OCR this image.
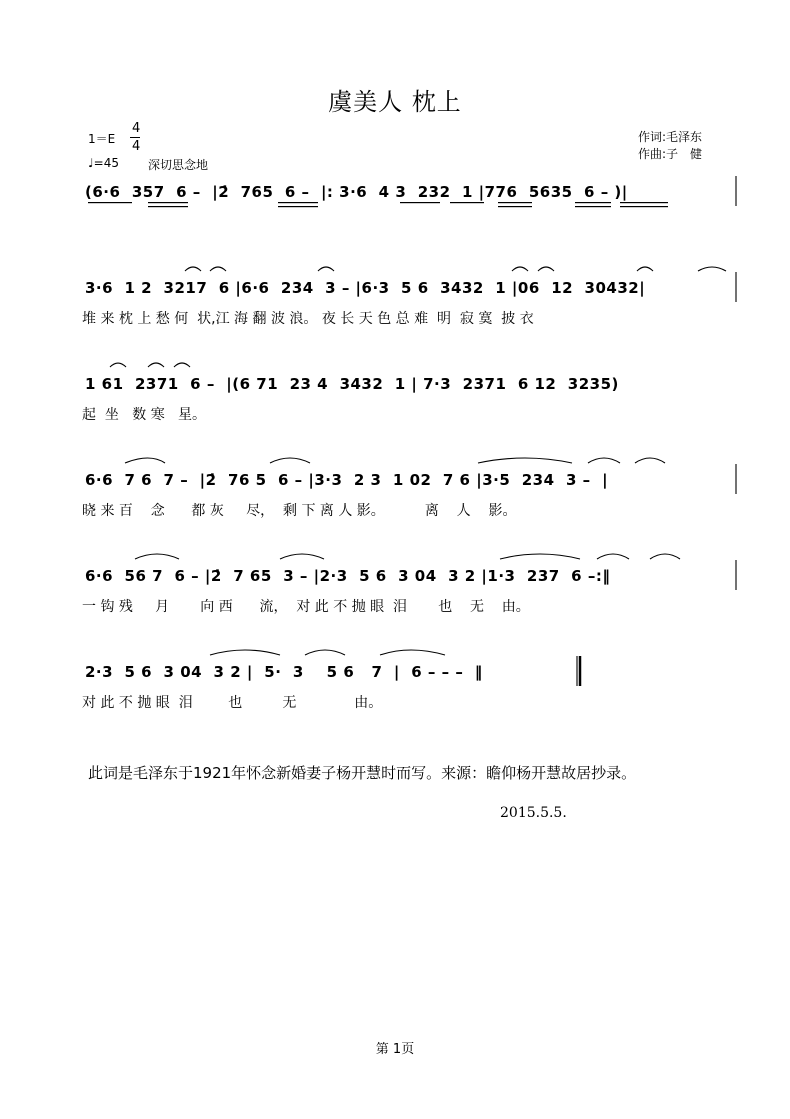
虞美人 枕上
1＝E
4
4
♩=45 深切思念地
作词:毛泽东
作曲:子　健
(6·6  357  6 –  |2̇  765  6 –  |: 3·6  4 3  232  1 |776  5635  6 – )|
3·6  1 2  3217  6 |6·6  234  3 – |6·3  5 6  3432  1 |06  12  30432|
堆 来 枕 上 愁 何  状,江 海 翻 波 浪。 夜 长 天 色 总 难  明  寂 寞  披 衣
1 61  2371  6 –  |(6 71  23 4  3432  1 | 7·3  2371  6 12  3235)
起  坐   数 寒   星。
6·6  7 6  7 –  |2̇  76 5  6 – |3·3  2 3  1 02  7 6 |3·5  234  3 –  |
晓 来 百    念      都 灰     尽，  剩 下 离 人 影。         离    人    影。
6·6  56 7  6 – |2̇  7 65  3 – |2·3  5 6  3 04  3 2 |1·3  237  6 –:‖
一 钩 残     月       向 西      流，  对 此 不 抛 眼  泪       也    无    由。
2·3  5 6  3 04  3 2 |  5·  3    5 6   7  |  6 – – –  ‖
对 此 不 抛 眼  泪        也         无             由。
此词是毛泽东于1921年怀念新婚妻子杨开慧时而写。来源：瞻仰杨开慧故居抄录。
2015.5.5.
第 1页
